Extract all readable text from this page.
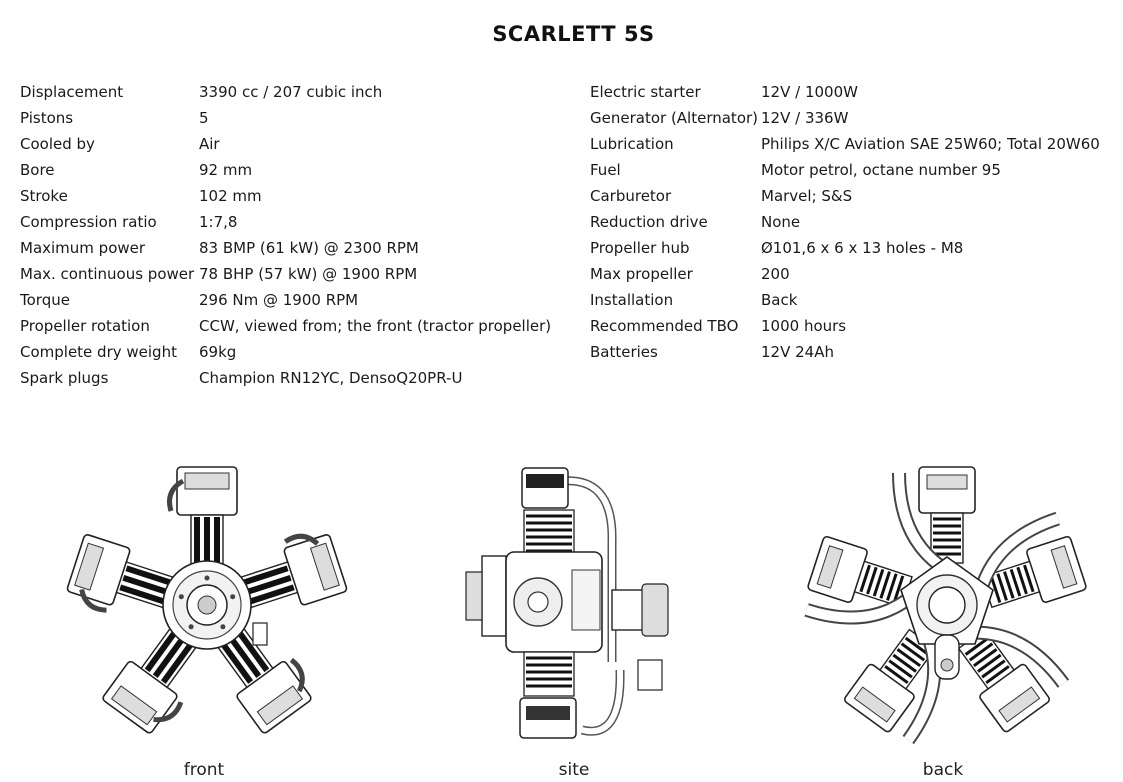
SCARLETT 5S
Displacement	3390 cc / 207 cubic inch
Pistons	5
Cooled by	Air
Bore	92 mm
Stroke	102 mm
Compression ratio	1:7,8
Maximum power	83 BMP (61 kW) @ 2300 RPM
Max. continuous power 78 BHP (57 kW) @ 1900 RPM
Torque	296 Nm @ 1900 RPM
Propeller rotation	CCW, viewed from; the front (tractor propeller)
Complete dry weight 69kg
Spark plugs	Champion RN12YC, DensoQ20PR-U
Electric starter	12V / 1000W
Generator (Alternator) 12V / 336W
Lubrication	Philips X/C Aviation SAE 25W60; Total 20W60
Fuel	Motor petrol, octane number 95
Carburetor	Marvel; S&S
Reduction drive	None
Propeller hub	Ø101,6 x 6 x 13 holes - M8
Max propeller	200
Installation	Back
Recommended TBO 1000 hours
Batteries	12V 24Ah
front	site	back
